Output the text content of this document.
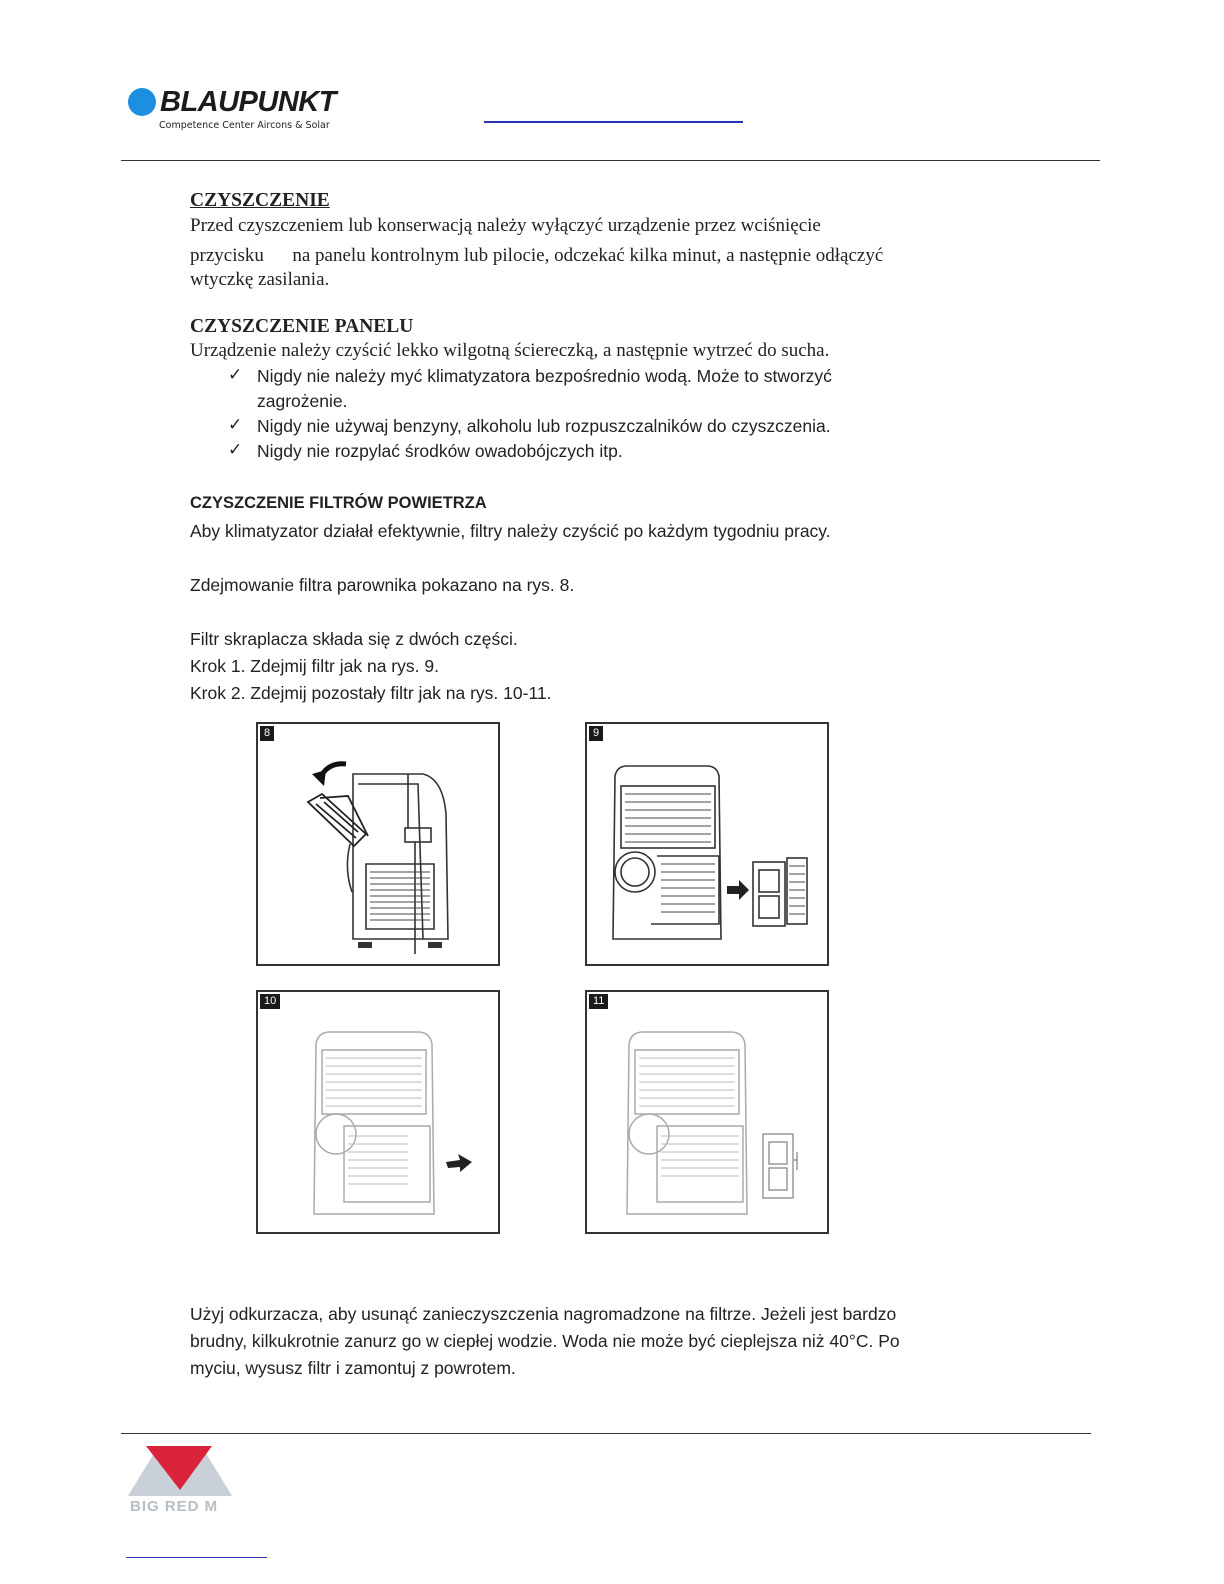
BLAUPUNKT
Competence Center Aircons & Solar
CZYSZCZENIE
Przed czyszczeniem lub konserwacją należy wyłączyć urządzenie przez wciśnięcie
przycisku      na panelu kontrolnym lub pilocie, odczekać kilka minut, a następnie odłączyć
wtyczkę zasilania.
CZYSZCZENIE PANELU
Urządzenie należy czyścić lekko wilgotną ściereczką, a następnie wytrzeć do sucha.
✓ Nigdy nie należy myć klimatyzatora bezpośrednio wodą. Może to stworzyć
zagrożenie.
✓ Nigdy nie używaj benzyny, alkoholu lub rozpuszczalników do czyszczenia.
✓ Nigdy nie rozpylać środków owadobójczych itp.
CZYSZCZENIE FILTRÓW POWIETRZA
Aby klimatyzator działał efektywnie, filtry należy czyścić po każdym tygodniu pracy.
Zdejmowanie filtra parownika pokazano na rys. 8.
Filtr skraplacza składa się z dwóch części.
Krok 1. Zdejmij filtr jak na rys. 9.
Krok 2. Zdejmij pozostały filtr jak na rys. 10-11.
8	9
10	11
Użyj odkurzacza, aby usunąć zanieczyszczenia nagromadzone na filtrze. Jeżeli jest bardzo
brudny, kilkukrotnie zanurz go w ciepłej wodzie. Woda nie może być cieplejsza niż 40°C. Po
myciu, wysusz filtr i zamontuj z powrotem.
BIG RED M
